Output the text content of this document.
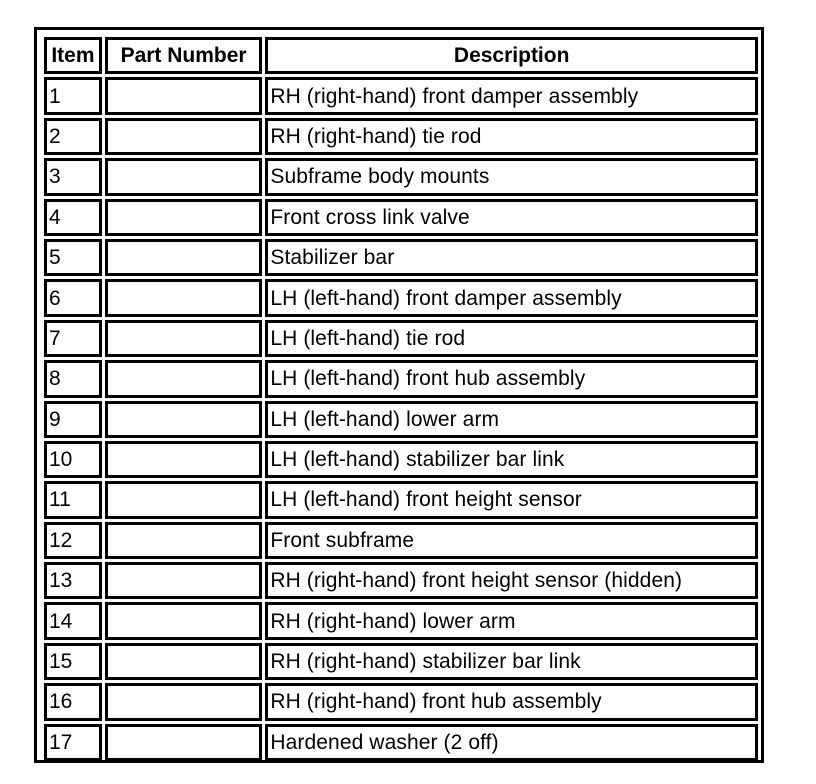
Item	Part Number	Description
1		RH (right-hand) front damper assembly
2		RH (right-hand) tie rod
3		Subframe body mounts
4		Front cross link valve
5		Stabilizer bar
6		LH (left-hand) front damper assembly
7		LH (left-hand) tie rod
8		LH (left-hand) front hub assembly
9		LH (left-hand) lower arm
10		LH (left-hand) stabilizer bar link
11		LH (left-hand) front height sensor
12		Front subframe
13		RH (right-hand) front height sensor (hidden)
14		RH (right-hand) lower arm
15		RH (right-hand) stabilizer bar link
16		RH (right-hand) front hub assembly
17		Hardened washer (2 off)
